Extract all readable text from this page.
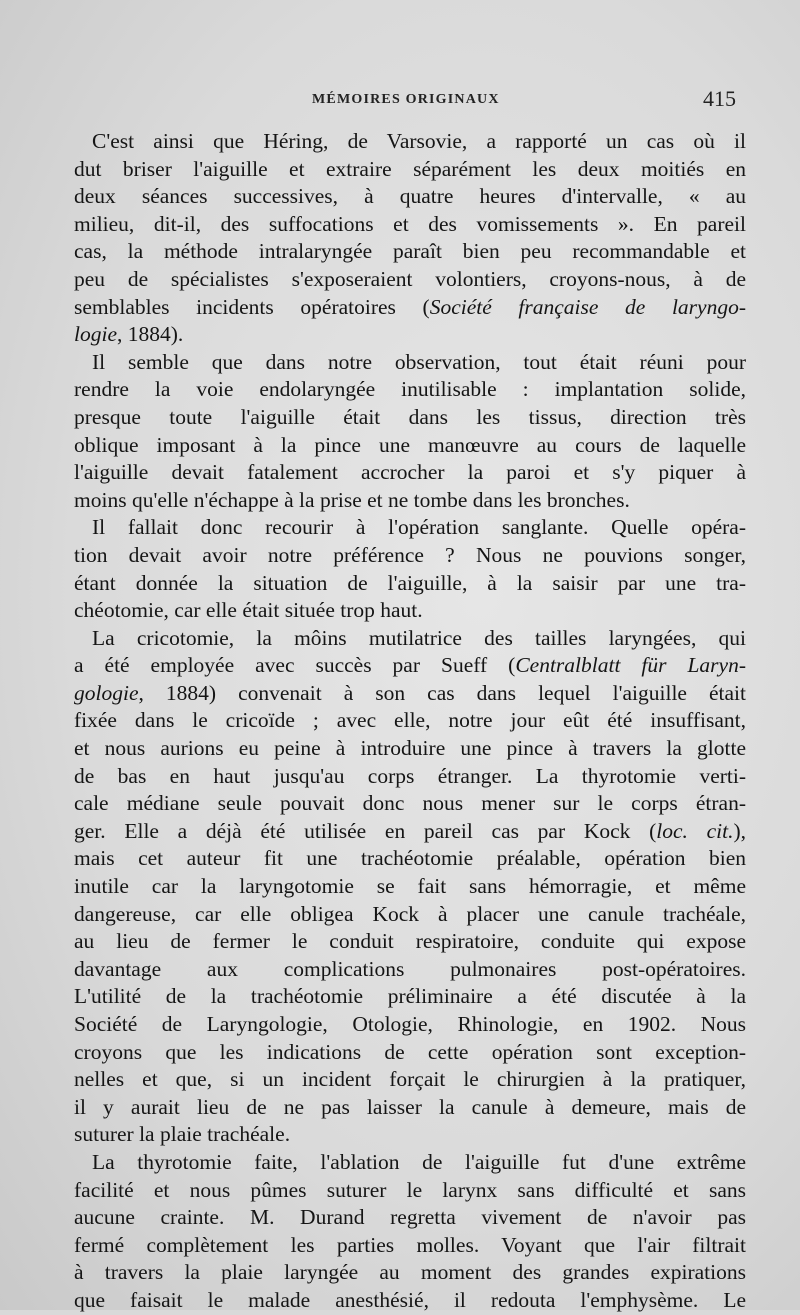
MÉMOIRES ORIGINAUX	415
C'est ainsi que Héring, de Varsovie, a rapporté un cas où il
dut briser l'aiguille et extraire séparément les deux moitiés en
deux séances successives, à quatre heures d'intervalle, « au
milieu, dit-il, des suffocations et des vomissements ». En pareil
cas, la méthode intralaryngée paraît bien peu recommandable et
peu de spécialistes s'exposeraient volontiers, croyons-nous, à de
semblables incidents opératoires (Société française de laryngo-
logie, 1884).
Il semble que dans notre observation, tout était réuni pour
rendre la voie endolaryngée inutilisable : implantation solide,
presque toute l'aiguille était dans les tissus, direction très
oblique imposant à la pince une manœuvre au cours de laquelle
l'aiguille devait fatalement accrocher la paroi et s'y piquer à
moins qu'elle n'échappe à la prise et ne tombe dans les bronches.
Il fallait donc recourir à l'opération sanglante. Quelle opéra-
tion devait avoir notre préférence ? Nous ne pouvions songer,
étant donnée la situation de l'aiguille, à la saisir par une tra-
chéotomie, car elle était située trop haut.
La cricotomie, la môins mutilatrice des tailles laryngées, qui
a été employée avec succès par Sueff (Centralblatt für Laryn-
gologie, 1884) convenait à son cas dans lequel l'aiguille était
fixée dans le cricoïde ; avec elle, notre jour eût été insuffisant,
et nous aurions eu peine à introduire une pince à travers la glotte
de bas en haut jusqu'au corps étranger. La thyrotomie verti-
cale médiane seule pouvait donc nous mener sur le corps étran-
ger. Elle a déjà été utilisée en pareil cas par Kock (loc. cit.),
mais cet auteur fit une trachéotomie préalable, opération bien
inutile car la laryngotomie se fait sans hémorragie, et même
dangereuse, car elle obligea Kock à placer une canule trachéale,
au lieu de fermer le conduit respiratoire, conduite qui expose
davantage aux complications pulmonaires post-opératoires.
L'utilité de la trachéotomie préliminaire a été discutée à la
Société de Laryngologie, Otologie, Rhinologie, en 1902. Nous
croyons que les indications de cette opération sont exception-
nelles et que, si un incident forçait le chirurgien à la pratiquer,
il y aurait lieu de ne pas laisser la canule à demeure, mais de
suturer la plaie trachéale.
La thyrotomie faite, l'ablation de l'aiguille fut d'une extrême
facilité et nous pûmes suturer le larynx sans difficulté et sans
aucune crainte. M. Durand regretta vivement de n'avoir pas
fermé complètement les parties molles. Voyant que l'air filtrait
à travers la plaie laryngée au moment des grandes expirations
que faisait le malade anesthésié, il redouta l'emphysème. Le
